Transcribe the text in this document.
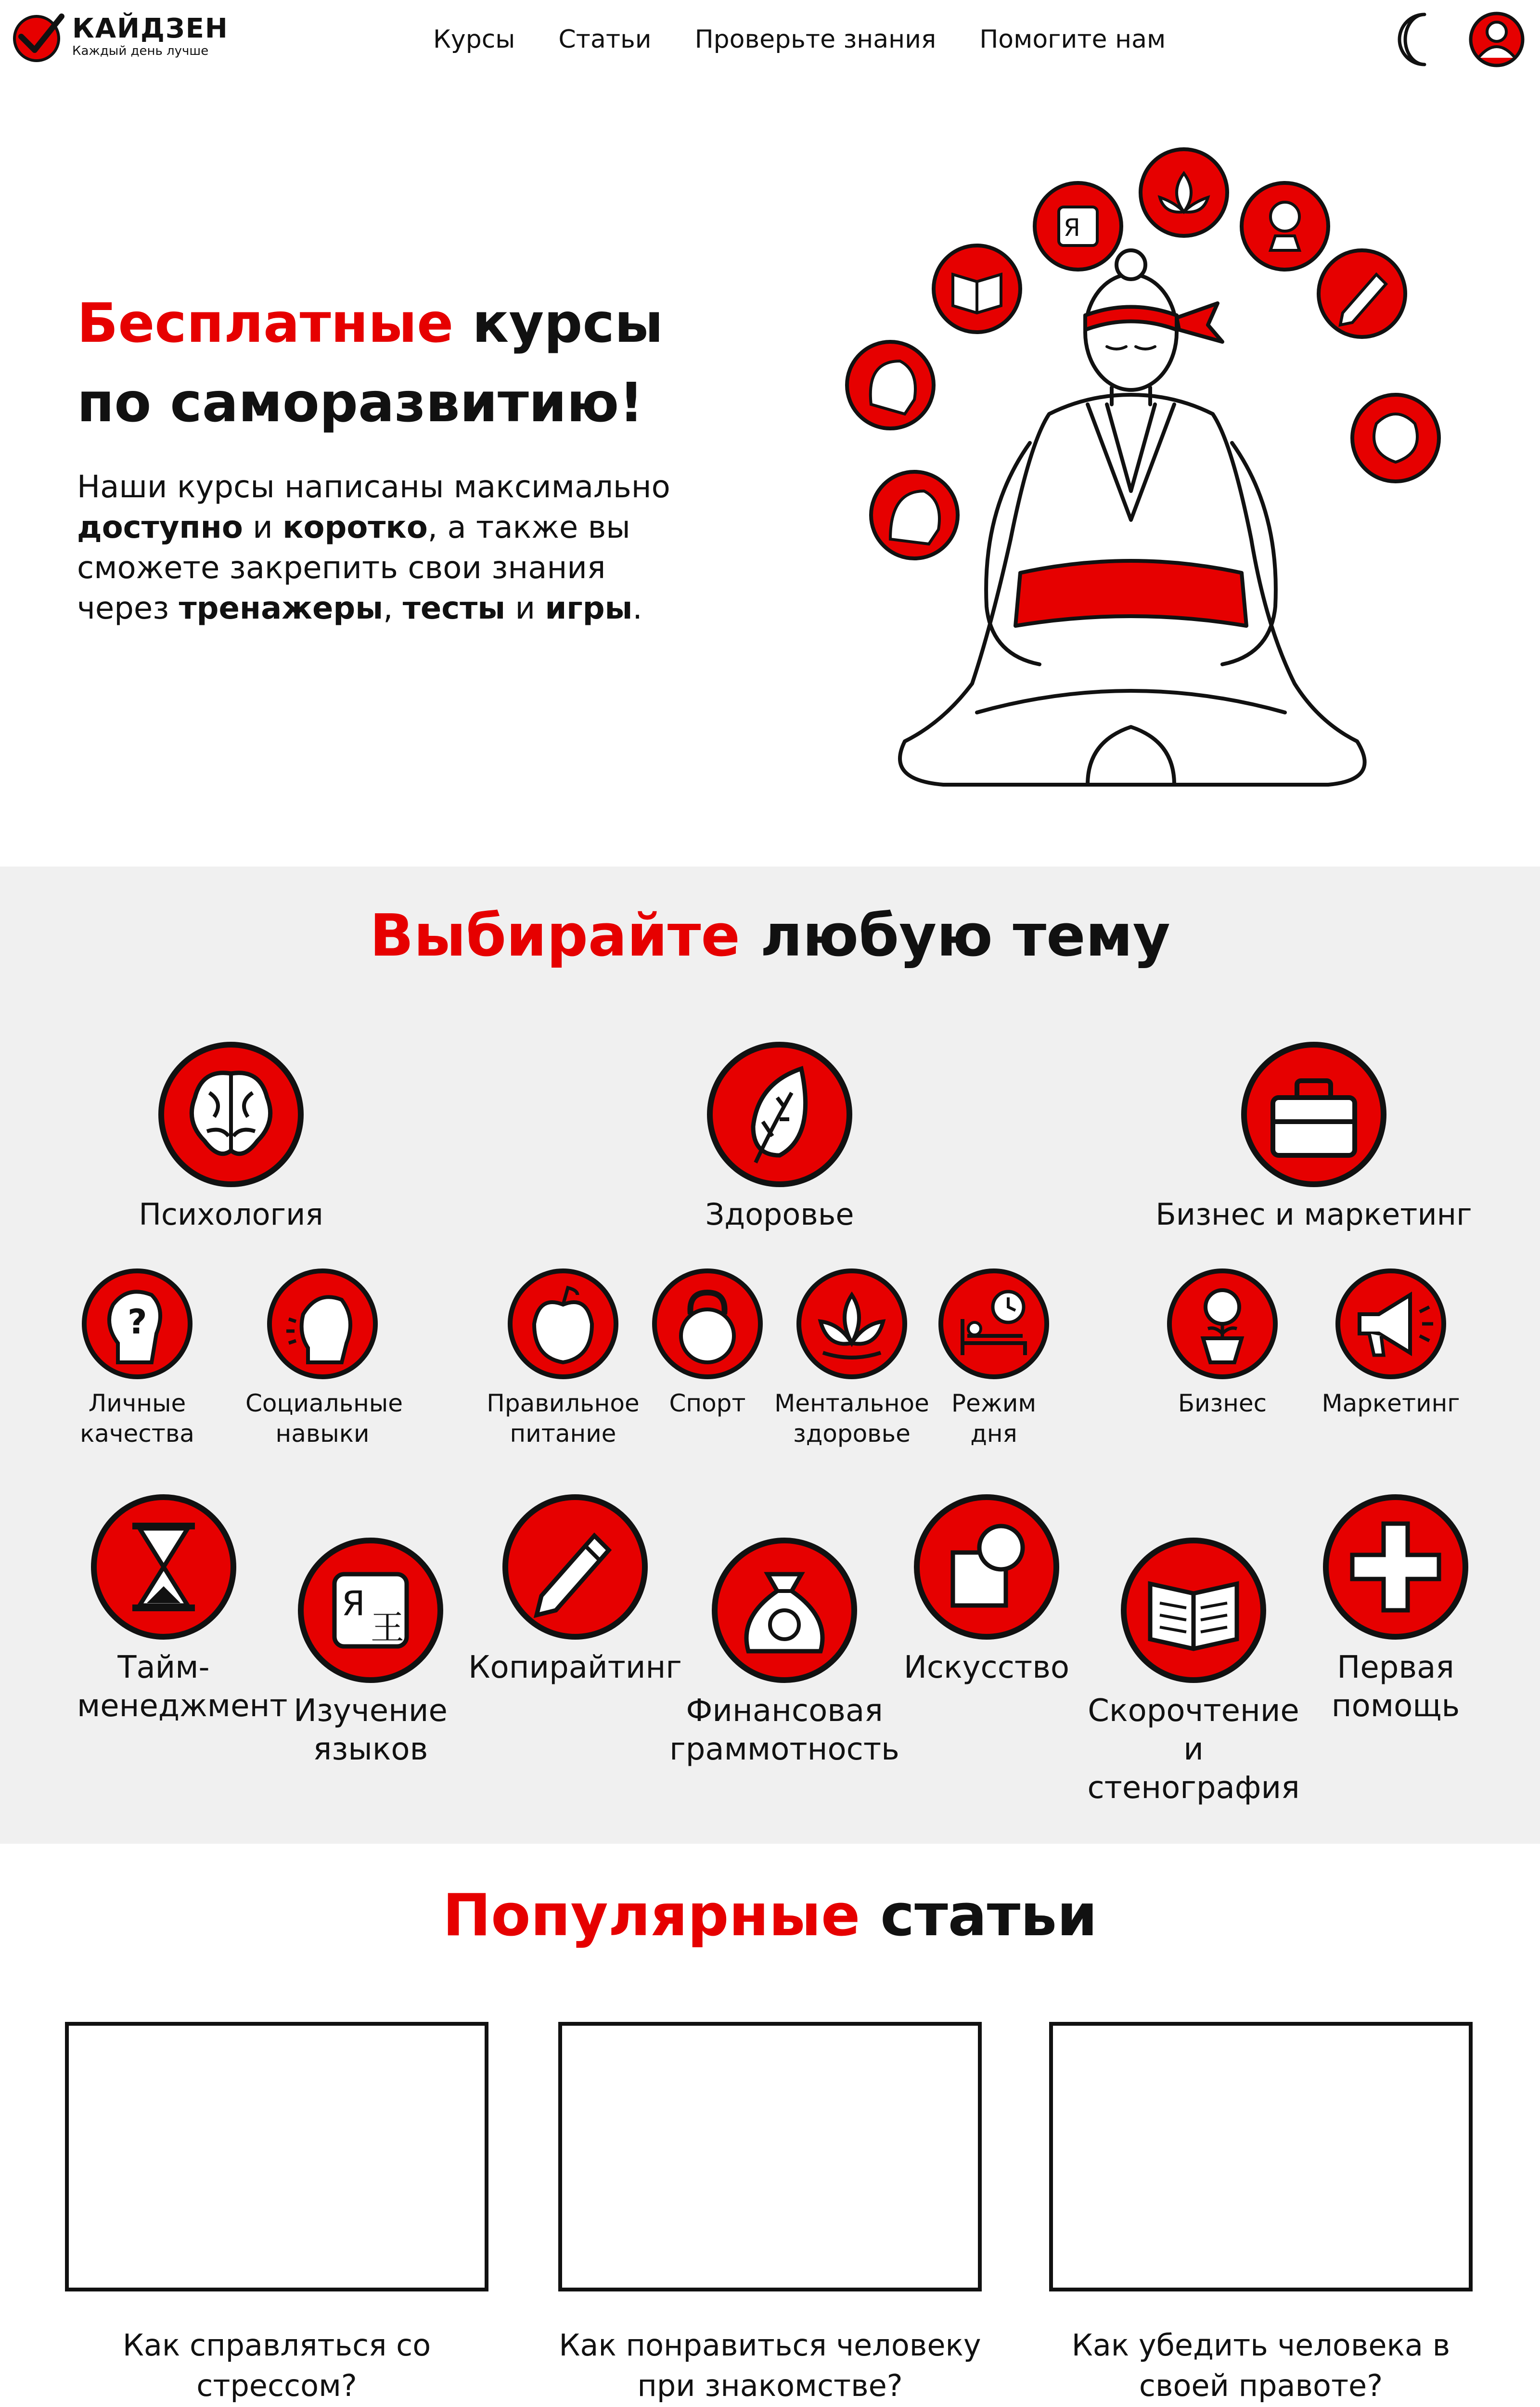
КАЙДЗЕН
Каждый день лучше	Курсы Статьи Проверьте знания Помогите нам
Бесплатные курсы
по саморазвитию!
Наши курсы написаны максимально
доступно и коротко, а также вы сможете закрепить свои знания через тренажеры, тесты и игры.
Я
Выбирайте любую тему
Психология	Здоровье	Бизнес и маркетинг
?
Личные
качества
Социальные
навыки
Правильное
питание
Спорт	Ментальное
здоровье
Режим
дня
Бизнес	Маркетинг
Тайм-
менеджмент
Я
王
Изучение
языков
Копирайтинг
Финансовая
граммотность
Искусство
Скорочтение
и стенография
Первая
помощь
Популярные статьи
Как справляться со
стрессом?
Как понравиться человеку
при знакомстве?
Как убедить человека в
своей правоте?
